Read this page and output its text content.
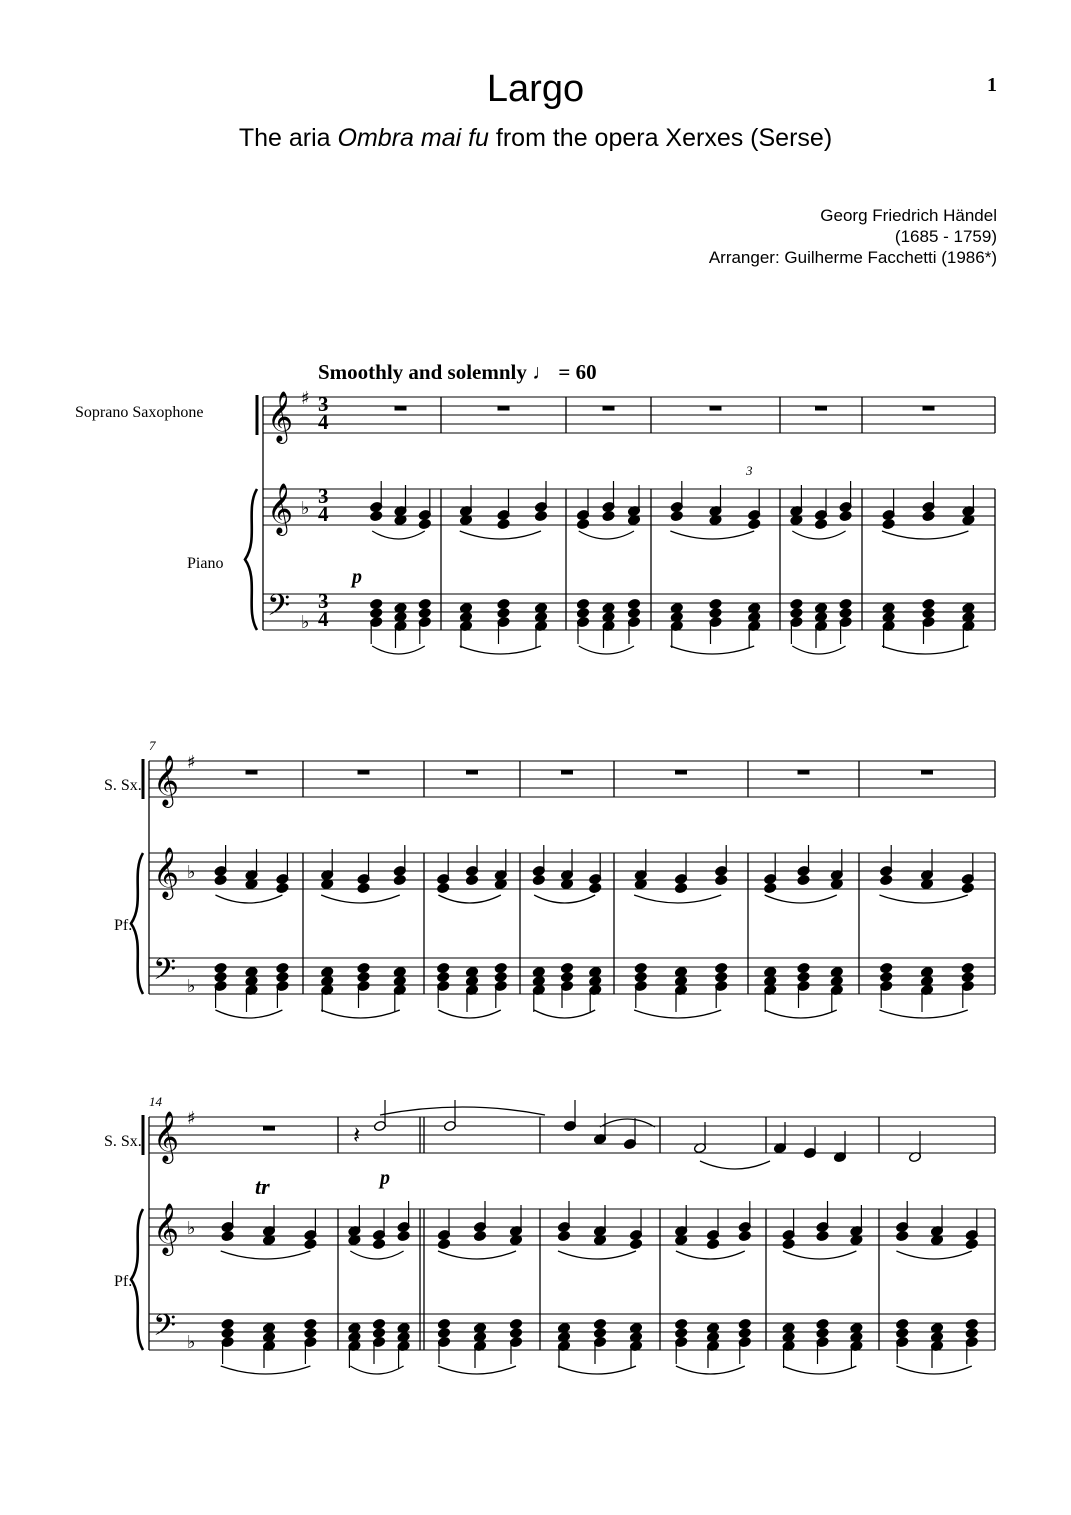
Largo
The aria Ombra mai fu from the opera Xerxes (Serse)
1
Georg Friedrich Händel
(1685 - 1759)
Arranger: Guilherme Facchetti (1986*)
Smoothly and solemnly ♩ = 60
Soprano Saxophone
Piano
S. Sx.
Pf.
S. Sx.
Pf.
𝄞
𝄞
𝄢
♯
♭
♭
𝄞
𝄞
𝄢
♯
♭
♭
𝄞
𝄞
𝄢
♯
♭
♭
𝄽
7
14
p
p
tr
3
3
4
3
4
3
4
